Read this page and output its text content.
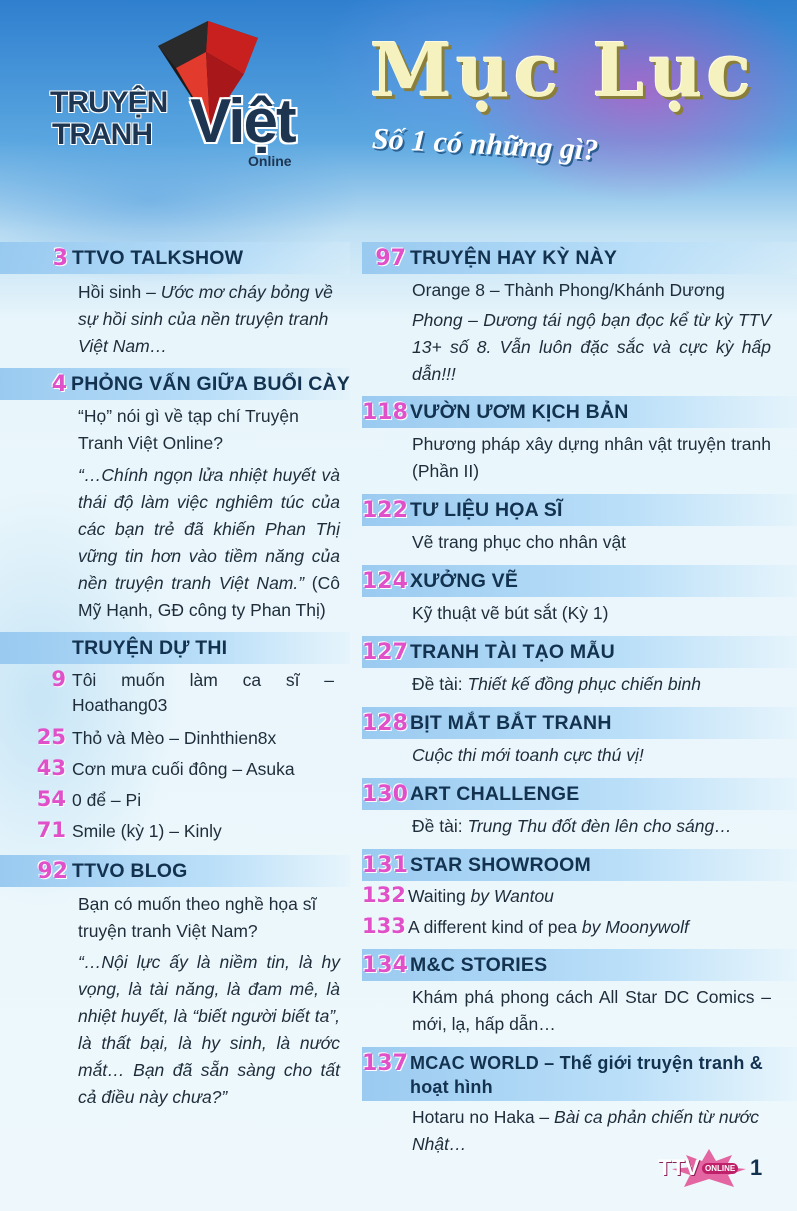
TRUYỆN
TRANH Việt
Online
Mục Lục
Số 1 có những gì?
3 TTVO TALKSHOW
Hồi sinh – Ước mơ cháy bỏng về sự hồi sinh của nền truyện tranh Việt Nam…
4 PHỎNG VẤN GIỮA BUỔI CÀY
“Họ” nói gì về tạp chí Truyện Tranh Việt Online?
“…Chính ngọn lửa nhiệt huyết và thái độ làm việc nghiêm túc của các bạn trẻ đã khiến Phan Thị vững tin hơn vào tiềm năng của nền truyện tranh Việt Nam.” (Cô Mỹ Hạnh, GĐ công ty Phan Thị)
TRUYỆN DỰ THI
9 Tôi muốn làm ca sĩ –
Hoathang03
25 Thỏ và Mèo – Dinhthien8x
43 Cơn mưa cuối đông – Asuka
54 0 để – Pi
71 Smile (kỳ 1) – Kinly
92 TTVO BLOG
Bạn có muốn theo nghề họa sĩ truyện tranh Việt Nam?
“…Nội lực ấy là niềm tin, là hy vọng, là tài năng, là đam mê, là nhiệt huyết, là “biết người biết ta”, là thất bại, là hy sinh, là nước mắt… Bạn đã sẵn sàng cho tất cả điều này chưa?”
97 TRUYỆN HAY KỲ NÀY
Orange 8 – Thành Phong/Khánh Dương
Phong – Dương tái ngộ bạn đọc kể từ kỳ TTV 13+ số 8. Vẫn luôn đặc sắc và cực kỳ hấp dẫn!!!
118 VƯỜN ƯƠM KỊCH BẢN
Phương pháp xây dựng nhân vật truyện tranh (Phần II)
122 TƯ LIỆU HỌA SĨ
Vẽ trang phục cho nhân vật
124 XƯỞNG VẼ
Kỹ thuật vẽ bút sắt (Kỳ 1)
127 TRANH TÀI TẠO MẪU
Đề tài: Thiết kế đồng phục chiến binh
128 BỊT MẮT BẮT TRANH
Cuộc thi mới toanh cực thú vị!
130 ART CHALLENGE
Đề tài: Trung Thu đốt đèn lên cho sáng…
131 STAR SHOWROOM
132 Waiting by Wantou
133 A different kind of pea by Moonywolf
134 M&C STORIES
Khám phá phong cách All Star DC Comics – mới, lạ, hấp dẫn…
137 MCAC WORLD – Thế giới truyện tranh & hoạt hình
Hotaru no Haka – Bài ca phản chiến từ nước Nhật…
TTV ONLINE 1
